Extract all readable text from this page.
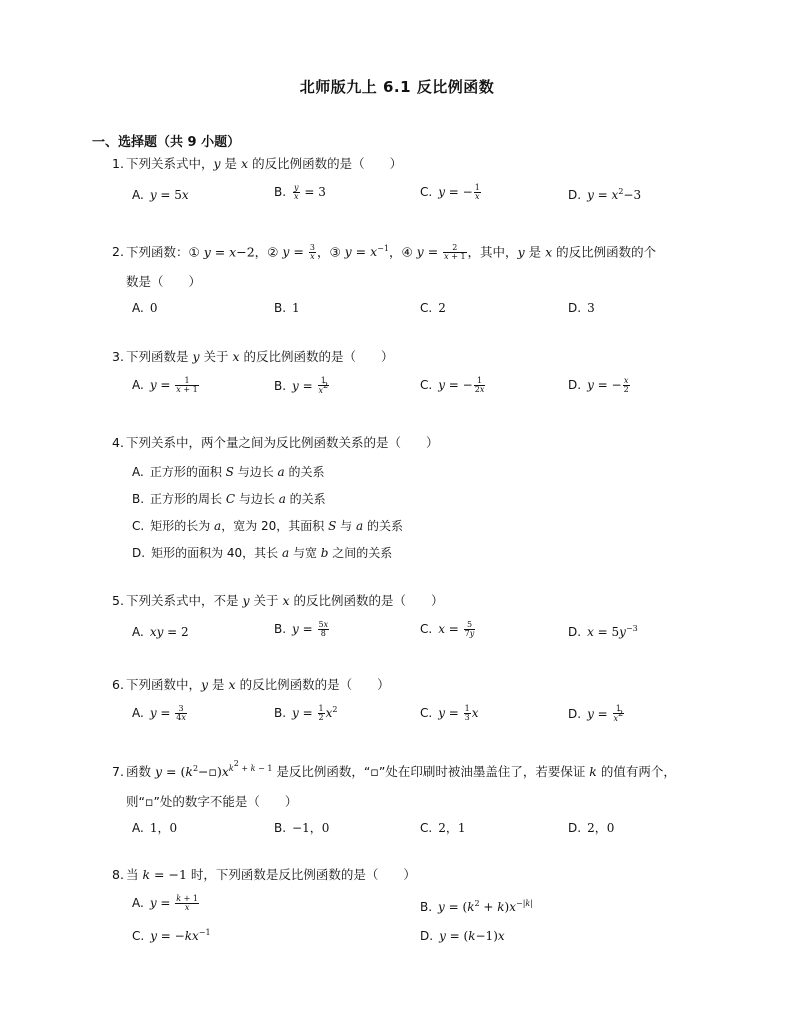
北师版九上 6.1 反比例函数
一、选择题（共 9 小题）
1. 下列关系式中，y 是 x 的反比例函数的是（　　）
A. y = 5x	B. $\frac{y}{x} = 3$	C. y = − $\frac{1}{x}$	D. $y = x^2-3$
2. 下列函数：① y = x−2，② $y = \frac{3}{x}$ ，③ $y = x^{-1}$，④ $y = \frac{2}{x + 1}$ ，其中，y 是 x 的反比例函数的个
数是（　　）
A. 0	B. 1	C. 2	D. 3
3. 下列函数是 y 关于 x 的反比例函数的是（　　）
A. $y = \frac{1}{x + 1}$	B. $y = \frac{1}{x^2}$	C. y = − $\frac{1}{2x}$	D. y = − $\frac{x}{2}$
4. 下列关系中，两个量之间为反比例函数关系的是（　　）
A. 正方形的面积 S 与边长 a 的关系
B. 正方形的周长 C 与边长 a 的关系
C. 矩形的长为 a，宽为 20，其面积 S 与 a 的关系
D. 矩形的面积为 40，其长 a 与宽 b 之间的关系
5. 下列关系式中，不是 y 关于 x 的反比例函数的是（　　）
A. xy = 2	B. $y = \frac{5x}{8}$	C. $x = \frac{5}{7y}$	D. $x = 5y^{-3}$
6. 下列函数中，y 是 x 的反比例函数的是（　　）
A. $y = \frac{3}{4x}$	B. $y = \frac{1}{2} x^2$	C. $y = \frac{1}{3}$ x	D. $y = \frac{1}{x^2}$
7. 函数 $y = (k^2-▫)x^{k^2 + k - 1}$ 是反比例函数，“▫”处在印刷时被油墨盖住了，若要保证 k 的值有两个，
则“▫”处的数字不能是（　　）
A. 1，0	B. −1，0	C. 2，1	D. 2，0
8. 当 k = −1 时，下列函数是反比例函数的是（　　）
A. $y = \frac{k + 1}{x}$	B. $y = (k^2 + k)x^{-|k|}$
C. $y = -kx^{-1}$	D. y = (k−1)x
